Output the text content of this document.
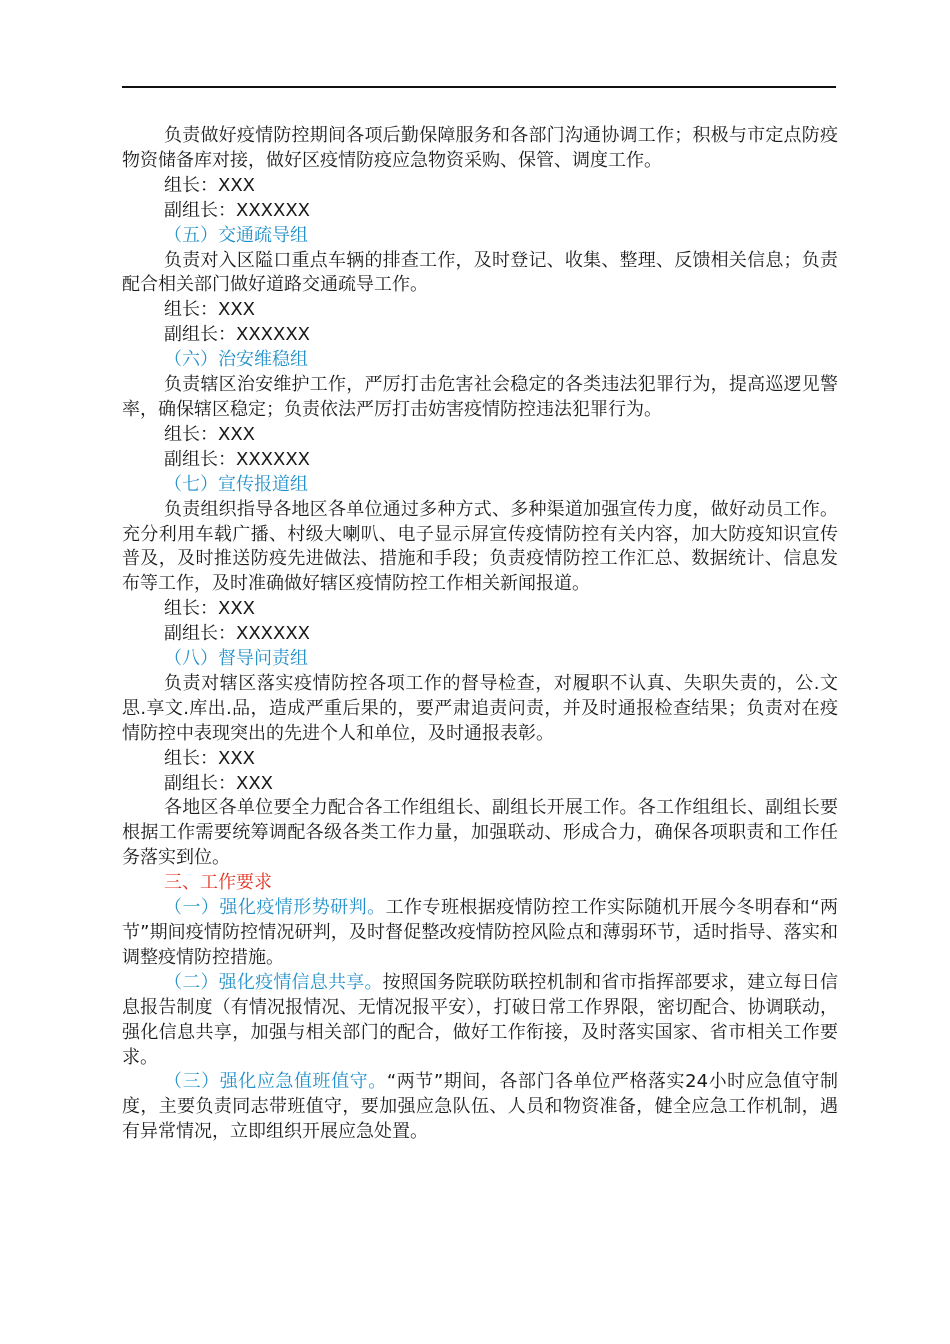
负责做好疫情防控期间各项后勤保障服务和各部门沟通协调工作；积极与市定点防疫物资储备库对接，做好区疫情防疫应急物资采购、保管、调度工作。

组长：XXX

副组长：XXXXXX

（五）交通疏导组

负责对入区隘口重点车辆的排查工作，及时登记、收集、整理、反馈相关信息；负责配合相关部门做好道路交通疏导工作。

组长：XXX

副组长：XXXXXX

（六）治安维稳组

负责辖区治安维护工作，严厉打击危害社会稳定的各类违法犯罪行为，提高巡逻见警率，确保辖区稳定；负责依法严厉打击妨害疫情防控违法犯罪行为。

组长：XXX

副组长：XXXXXX

（七）宣传报道组

负责组织指导各地区各单位通过多种方式、多种渠道加强宣传力度，做好动员工作。充分利用车载广播、村级大喇叭、电子显示屏宣传疫情防控有关内容，加大防疫知识宣传普及，及时推送防疫先进做法、措施和手段；负责疫情防控工作汇总、数据统计、信息发布等工作，及时准确做好辖区疫情防控工作相关新闻报道。

组长：XXX

副组长：XXXXXX

（八）督导问责组

负责对辖区落实疫情防控各项工作的督导检查，对履职不认真、失职失责的，公.文思.享文.库出.品，造成严重后果的，要严肃追责问责，并及时通报检查结果；负责对在疫情防控中表现突出的先进个人和单位，及时通报表彰。

组长：XXX

副组长：XXX

各地区各单位要全力配合各工作组组长、副组长开展工作。各工作组组长、副组长要根据工作需要统筹调配各级各类工作力量，加强联动、形成合力，确保各项职责和工作任务落实到位。

三、工作要求

（一）强化疫情形势研判。工作专班根据疫情防控工作实际随机开展今冬明春和“两节”期间疫情防控情况研判，及时督促整改疫情防控风险点和薄弱环节，适时指导、落实和调整疫情防控措施。

（二）强化疫情信息共享。按照国务院联防联控机制和省市指挥部要求，建立每日信息报告制度（有情况报情况、无情况报平安），打破日常工作界限，密切配合、协调联动，强化信息共享，加强与相关部门的配合，做好工作衔接，及时落实国家、省市相关工作要求。

（三）强化应急值班值守。“两节”期间，各部门各单位严格落实24小时应急值守制度，主要负责同志带班值守，要加强应急队伍、人员和物资准备，健全应急工作机制，遇有异常情况，立即组织开展应急处置。
